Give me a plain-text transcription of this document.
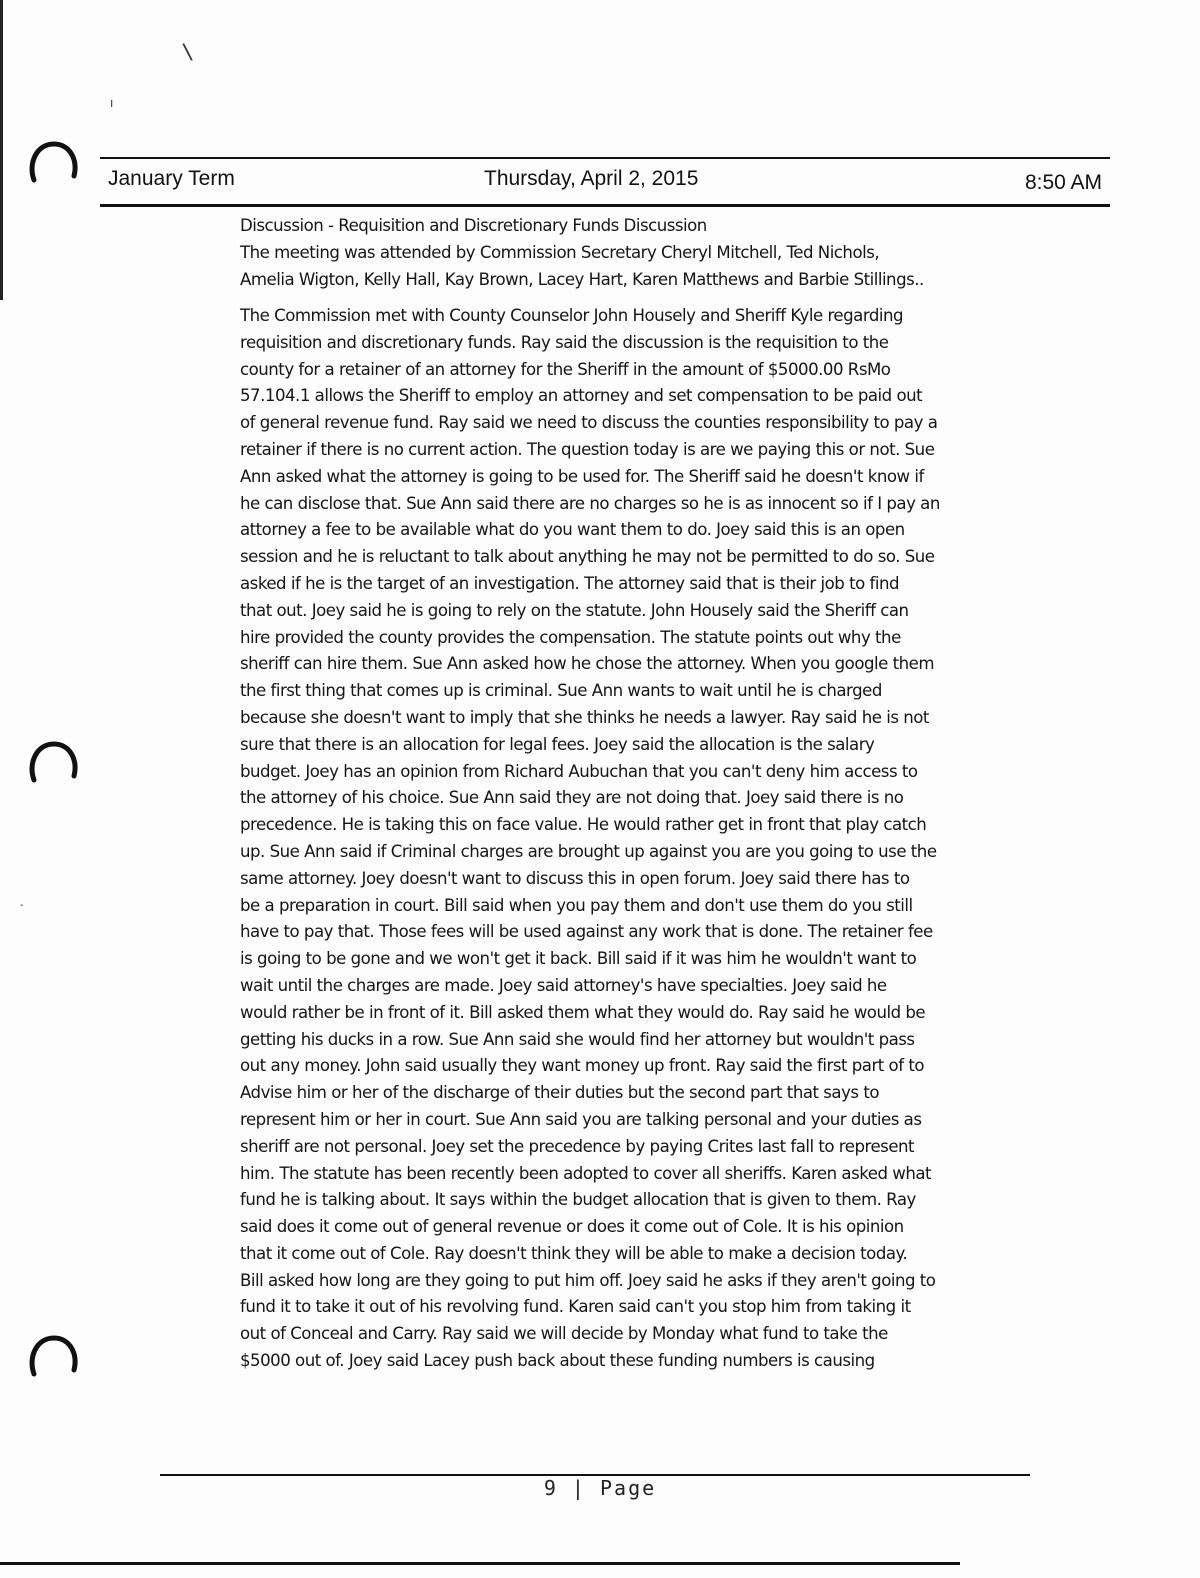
\
ı
-
January Term	Thursday, April 2, 2015	8:50 AM

Discussion - Requisition and Discretionary Funds Discussion

The meeting was attended by Commission Secretary Cheryl Mitchell, Ted Nichols,

Amelia Wigton, Kelly Hall, Kay Brown, Lacey Hart, Karen Matthews and Barbie Stillings..

The Commission met with County Counselor John Housely and Sheriff Kyle regarding

requisition and discretionary funds. Ray said the discussion is the requisition to the

county for a retainer of an attorney for the Sheriff in the amount of $5000.00 RsMo

57.104.1 allows the Sheriff to employ an attorney and set compensation to be paid out

of general revenue fund. Ray said we need to discuss the counties responsibility to pay a

retainer if there is no current action. The question today is are we paying this or not. Sue

Ann asked what the attorney is going to be used for. The Sheriff said he doesn't know if

he can disclose that. Sue Ann said there are no charges so he is as innocent so if I pay an

attorney a fee to be available what do you want them to do. Joey said this is an open

session and he is reluctant to talk about anything he may not be permitted to do so. Sue

asked if he is the target of an investigation. The attorney said that is their job to find

that out. Joey said he is going to rely on the statute. John Housely said the Sheriff can

hire provided the county provides the compensation. The statute points out why the

sheriff can hire them. Sue Ann asked how he chose the attorney. When you google them

the first thing that comes up is criminal. Sue Ann wants to wait until he is charged

because she doesn't want to imply that she thinks he needs a lawyer. Ray said he is not

sure that there is an allocation for legal fees. Joey said the allocation is the salary

budget. Joey has an opinion from Richard Aubuchan that you can't deny him access to

the attorney of his choice. Sue Ann said they are not doing that. Joey said there is no

precedence. He is taking this on face value. He would rather get in front that play catch

up. Sue Ann said if Criminal charges are brought up against you are you going to use the

same attorney. Joey doesn't want to discuss this in open forum. Joey said there has to

be a preparation in court. Bill said when you pay them and don't use them do you still

have to pay that. Those fees will be used against any work that is done. The retainer fee

is going to be gone and we won't get it back. Bill said if it was him he wouldn't want to

wait until the charges are made. Joey said attorney's have specialties. Joey said he

would rather be in front of it. Bill asked them what they would do. Ray said he would be

getting his ducks in a row. Sue Ann said she would find her attorney but wouldn't pass

out any money. John said usually they want money up front. Ray said the first part of to

Advise him or her of the discharge of their duties but the second part that says to

represent him or her in court. Sue Ann said you are talking personal and your duties as

sheriff are not personal. Joey set the precedence by paying Crites last fall to represent

him. The statute has been recently been adopted to cover all sheriffs. Karen asked what

fund he is talking about. It says within the budget allocation that is given to them. Ray

said does it come out of general revenue or does it come out of Cole. It is his opinion

that it come out of Cole. Ray doesn't think they will be able to make a decision today.

Bill asked how long are they going to put him off. Joey said he asks if they aren't going to

fund it to take it out of his revolving fund. Karen said can't you stop him from taking it

out of Conceal and Carry. Ray said we will decide by Monday what fund to take the

$5000 out of. Joey said Lacey push back about these funding numbers is causing

9 | Page
